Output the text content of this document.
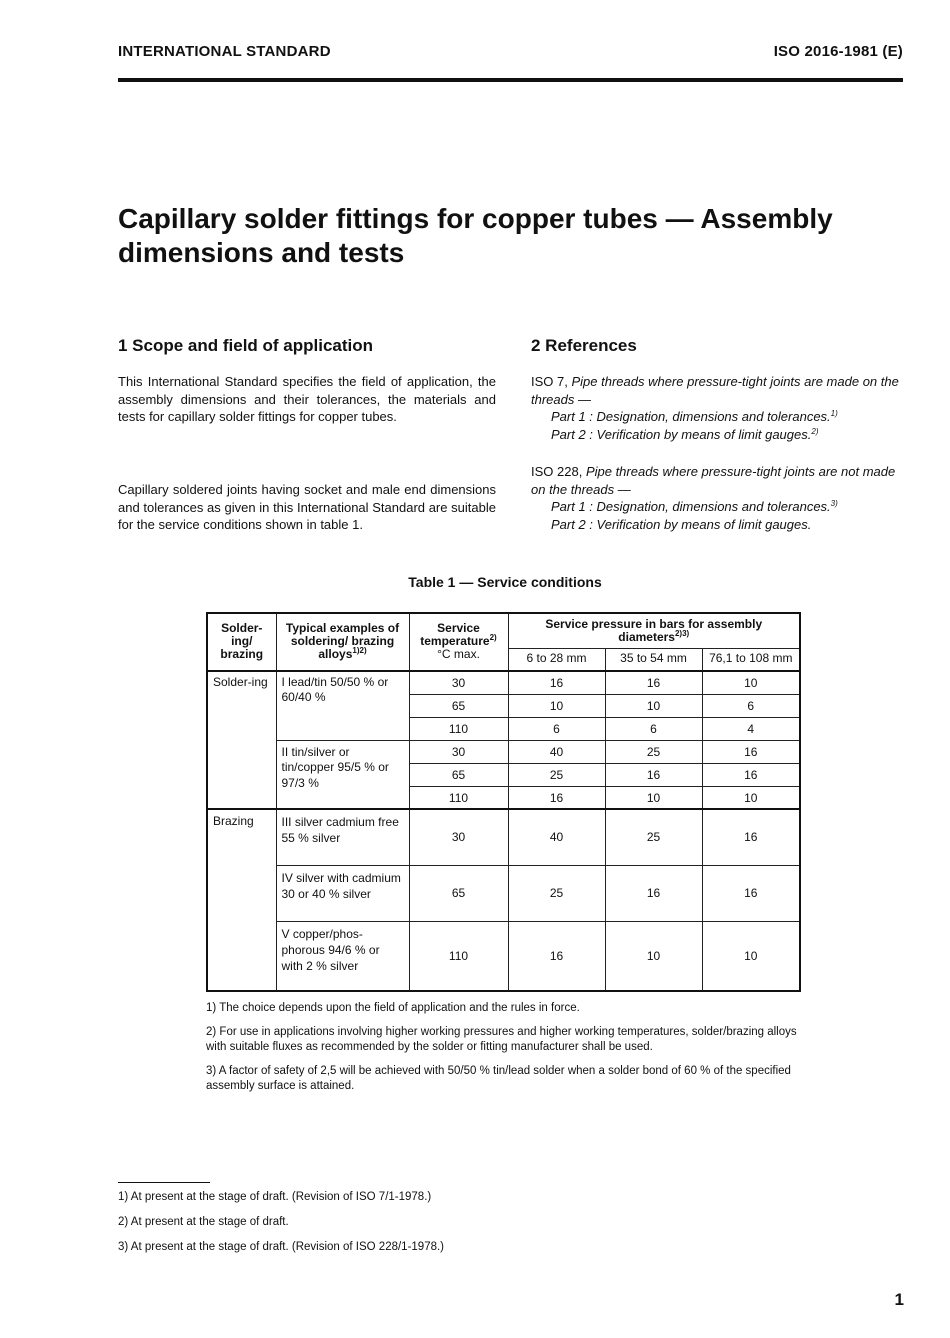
INTERNATIONAL STANDARD	ISO 2016-1981 (E)
Capillary solder fittings for copper tubes — Assembly
dimensions and tests
1 Scope and field of application
This International Standard specifies the field of application, the assembly dimensions and their tolerances, the materials and tests for capillary solder fittings for copper tubes.
Capillary soldered joints having socket and male end dimensions and tolerances as given in this International Standard are suitable for the service conditions shown in table 1.
2 References
ISO 7, Pipe threads where pressure-tight joints are made on the threads —
Part 1 : Designation, dimensions and tolerances.$^{1)}$
Part 2 : Verification by means of limit gauges.$^{2)}$
ISO 228, Pipe threads where pressure-tight joints are not made on the threads —
Part 1 : Designation, dimensions and tolerances.$^{3)}$
Part 2 : Verification by means of limit gauges.
Table 1 — Service conditions
Solder-ing/ brazing	Typical examples of soldering/ brazing alloys$^{1)2)}$	Service temperature$^{2)}$
°C max.	Service pressure in bars for assembly diameters$^{2)3)}$
			6 to 28 mm	35 to 54 mm	76,1 to 108 mm
Solder-ing	I lead/tin 50/50 % or 60/40 %	30	16	16	10
		65	10	10	6
		110	6	6	4
	II tin/silver or tin/copper 95/5 % or 97/3 %	30	40	25	16
		65	25	16	16
		110	16	10	10
Brazing	III silver cadmium free 55 % silver	30	40	25	16
	IV silver with cadmium 30 or 40 % silver	65	25	16	16
	V copper/phos-phorous 94/6 % or with 2 % silver	110	16	10	10
1) The choice depends upon the field of application and the rules in force.
2) For use in applications involving higher working pressures and higher working temperatures, solder/brazing alloys with suitable fluxes as recommended by the solder or fitting manufacturer shall be used.
3) A factor of safety of 2,5 will be achieved with 50/50 % tin/lead solder when a solder bond of 60 % of the specified assembly surface is attained.
1) At present at the stage of draft. (Revision of ISO 7/1-1978.)
2) At present at the stage of draft.
3) At present at the stage of draft. (Revision of ISO 228/1-1978.)
1
